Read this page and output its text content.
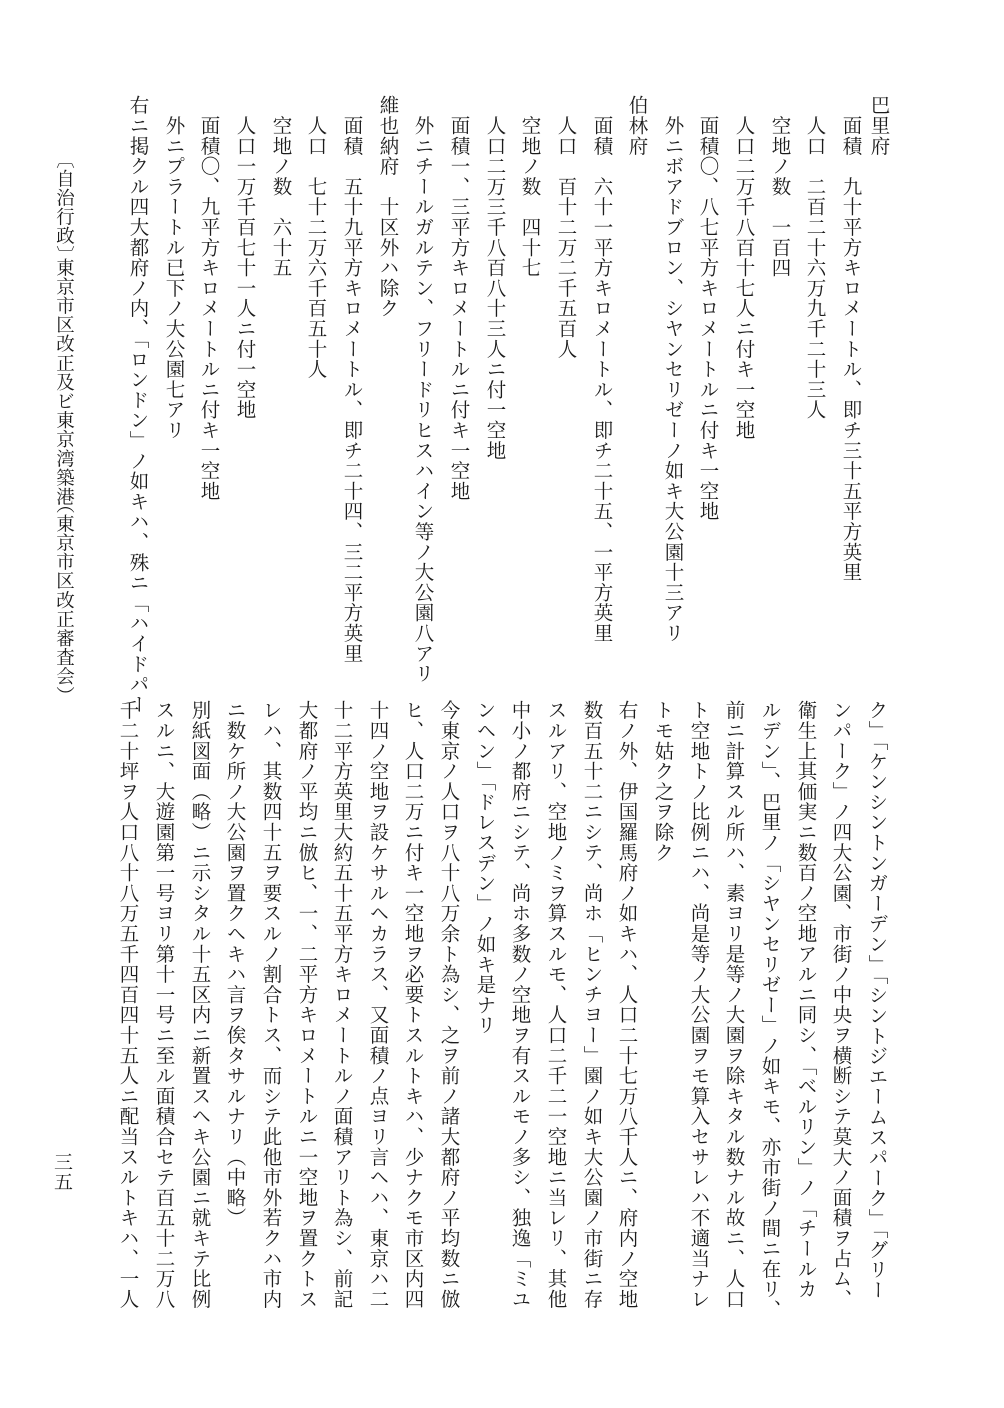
巴里府

　面積　九十平方キロメートル、即チ三十五平方英里

　人口　二百二十六万九千二十三人

　空地ノ数　一百四

　人口二万千八百十七人ニ付キ一空地

　面積〇、八七平方キロメートルニ付キ一空地

　外ニボアドブロン、シヤンセリゼーノ如キ大公園十三アリ

伯林府

　面積　六十一平方キロメートル、即チ二十五、一平方英里

　人口　百十二万二千五百人

　空地ノ数　四十七

　人口二万三千八百八十三人ニ付一空地

　面積一、三平方キロメートルニ付キ一空地

　外ニチールガルテン、フリードリヒスハイン等ノ大公園八アリ

維也納府　十区外ハ除ク

　面積　五十九平方キロメートル、即チ二十四、三二平方英里

　人口　七十二万六千百五十人

　空地ノ数　六十五

　人口一万千百七十一人ニ付一空地

　面積〇、九平方キロメートルニ付キ一空地

　外ニプラートル已下ノ大公園七アリ

右ニ掲クル四大都府ノ内、「ロンドン」ノ如キハ、殊ニ「ハイドパー

〔自治行政〕

東京市区改正及ビ東京湾築港

（東京市区改正審査会）

ク」「ケンシントンガーデン」「シントジエームスパーク」「グリー

ンパーク」ノ四大公園、市街ノ中央ヲ横断シテ莫大ノ面積ヲ占ム、

衛生上其価実ニ数百ノ空地アルニ同シ、「ベルリン」ノ「チールカ

ルデン」、巴里ノ「シヤンセリゼー」ノ如キモ、亦市街ノ間ニ在リ、

前ニ計算スル所ハ、素ヨリ是等ノ大園ヲ除キタル数ナル故ニ、人口

ト空地トノ比例ニハ、尚是等ノ大公園ヲモ算入セサレハ不適当ナレ

トモ姑ク之ヲ除ク

右ノ外、伊国羅馬府ノ如キハ、人口二十七万八千人ニ、府内ノ空地

数百五十二ニシテ、尚ホ「ヒンチヨー」園ノ如キ大公園ノ市街ニ存

スルアリ、空地ノミヲ算スルモ、人口二千二一空地ニ当レリ、其他

中小ノ都府ニシテ、尚ホ多数ノ空地ヲ有スルモノ多シ、独逸「ミユ

ンヘン」「ドレスデン」ノ如キ是ナリ

今東京ノ人口ヲ八十八万余ト為シ、之ヲ前ノ諸大都府ノ平均数ニ倣

ヒ、人口二万ニ付キ一空地ヲ必要トスルトキハ、少ナクモ市区内四

十四ノ空地ヲ設ケサルヘカラス、又面積ノ点ヨリ言ヘハ、東京ハ二

十二平方英里大約五十五平方キロメートルノ面積アリト為シ、前記

大都府ノ平均ニ倣ヒ、一、二平方キロメートルニ一空地ヲ置クトス

レハ、其数四十五ヲ要スルノ割合トス、而シテ此他市外若クハ市内

ニ数ケ所ノ大公園ヲ置クヘキハ言ヲ俟タサルナリ（中略）

別紙図面（略）ニ示シタル十五区内ニ新置スヘキ公園ニ就キテ比例

スルニ、大遊園第一号ヨリ第十一号ニ至ル面積合セテ百五十二万八

千二十坪ヲ人口八十八万五千四百四十五人ニ配当スルトキハ、一人

三五
